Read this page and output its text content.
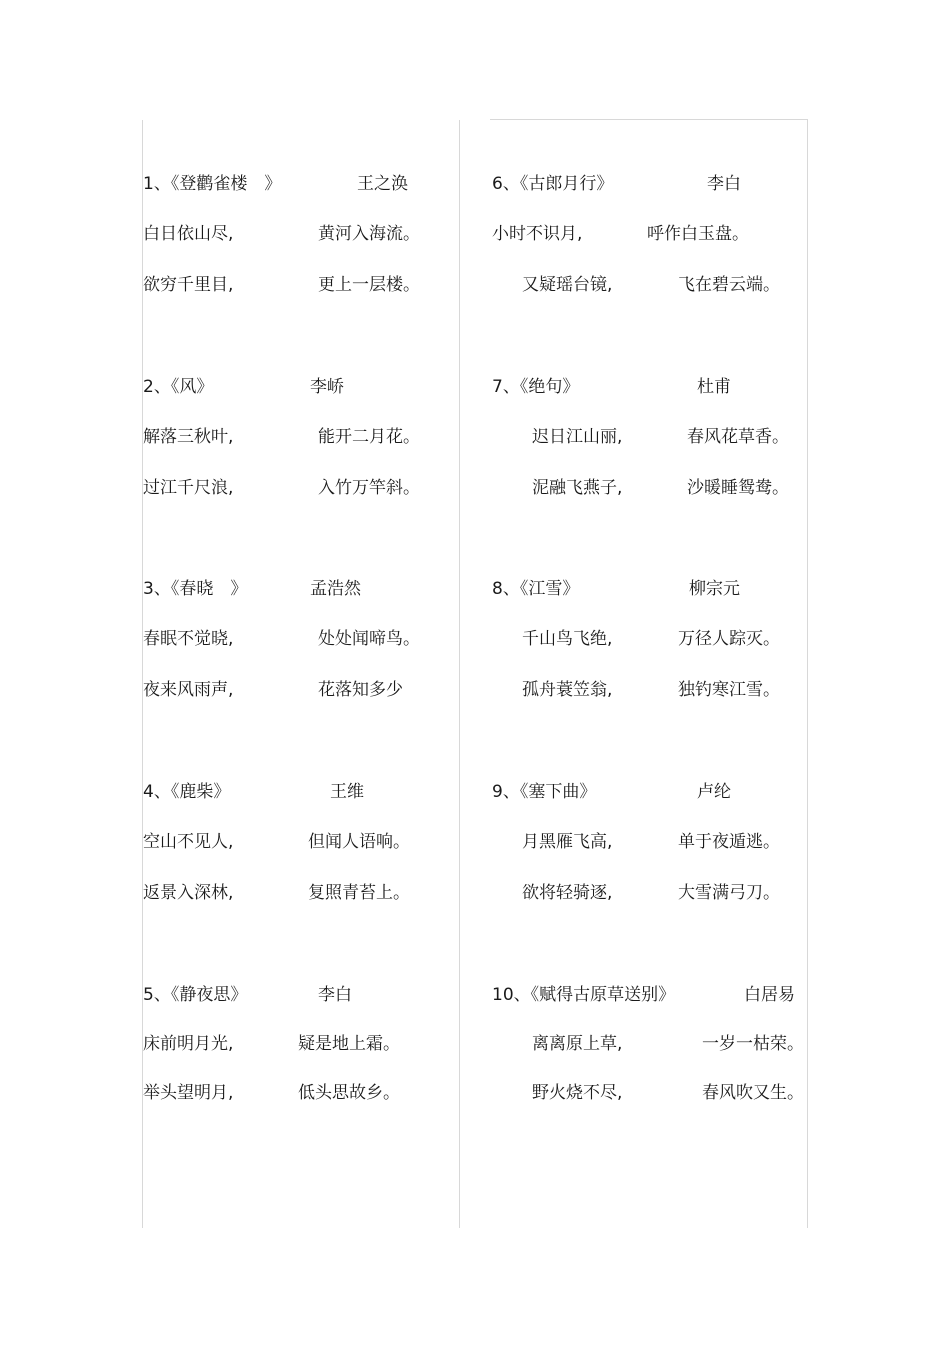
1、《登鹳雀楼　》	王之涣
白日依山尽,	黄河入海流。
欲穷千里目,	更上一层楼。
2、《风》	李峤
解落三秋叶,	能开二月花。
过江千尺浪,	入竹万竿斜。
3、《春晓　》	孟浩然
春眠不觉晓,	处处闻啼鸟。
夜来风雨声,	花落知多少
4、《鹿柴》	王维
空山不见人,	但闻人语响。
返景入深林,	复照青苔上。
5、《静夜思》	李白
床前明月光,	疑是地上霜。
举头望明月,	低头思故乡。
6、《古郎月行》	李白
小时不识月,	呼作白玉盘。
又疑瑶台镜,	飞在碧云端。
7、《绝句》	杜甫
迟日江山丽,	春风花草香。
泥融飞燕子,	沙暖睡鸳鸯。
8、《江雪》	柳宗元
千山鸟飞绝,	万径人踪灭。
孤舟蓑笠翁,	独钓寒江雪。
9、《塞下曲》	卢纶
月黑雁飞高,	单于夜遁逃。
欲将轻骑逐,	大雪满弓刀。
10、《赋得古原草送别》	白居易
离离原上草,	一岁一枯荣。
野火烧不尽,	春风吹又生。
